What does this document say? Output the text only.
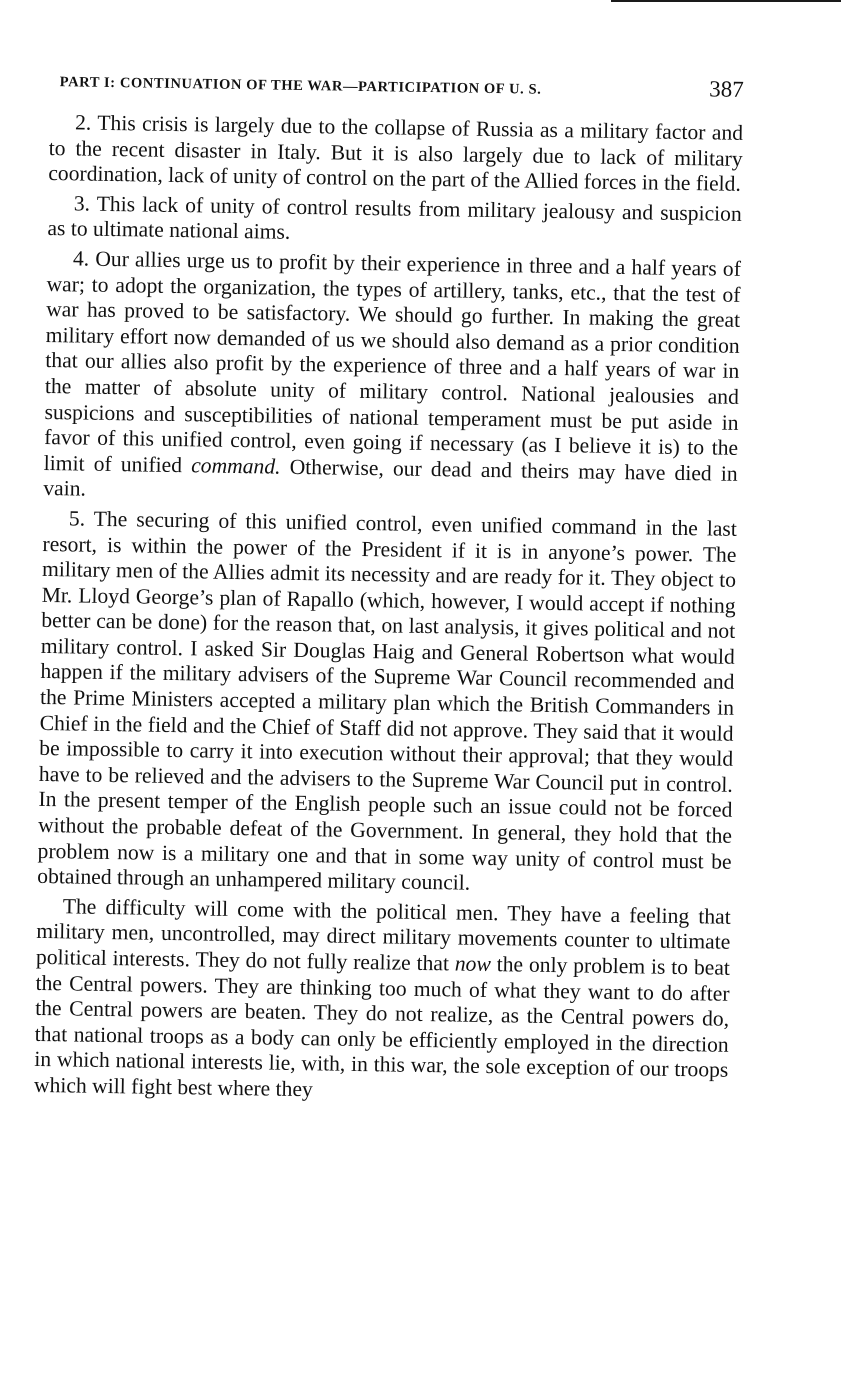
PART I: CONTINUATION OF THE WAR—PARTICIPATION OF U. S.	387

2. This crisis is largely due to the collapse of Russia as a military factor and to the recent disaster in Italy. But it is also largely due to lack of military coordination, lack of unity of control on the part of the Allied forces in the field.

3. This lack of unity of control results from military jealousy and suspicion as to ultimate national aims.

4. Our allies urge us to profit by their experience in three and a half years of war; to adopt the organization, the types of artillery, tanks, etc., that the test of war has proved to be satisfactory. We should go further. In making the great military effort now demanded of us we should also demand as a prior condition that our allies also profit by the experience of three and a half years of war in the matter of absolute unity of military control. National jealousies and suspicions and susceptibilities of national temperament must be put aside in favor of this unified control, even going if necessary (as I believe it is) to the limit of unified command. Otherwise, our dead and theirs may have died in vain.

5. The securing of this unified control, even unified command in the last resort, is within the power of the President if it is in anyone’s power. The military men of the Allies admit its necessity and are ready for it. They object to Mr. Lloyd George’s plan of Rapallo (which, however, I would accept if nothing better can be done) for the reason that, on last analysis, it gives political and not military control. I asked Sir Douglas Haig and General Robertson what would happen if the military advisers of the Supreme War Council recommended and the Prime Ministers accepted a military plan which the British Commanders in Chief in the field and the Chief of Staff did not approve. They said that it would be impossible to carry it into execution without their approval; that they would have to be relieved and the advisers to the Supreme War Council put in control. In the present temper of the English people such an issue could not be forced without the probable defeat of the Government. In general, they hold that the problem now is a military one and that in some way unity of control must be obtained through an unhampered military council.

The difficulty will come with the political men. They have a feeling that military men, uncontrolled, may direct military movements counter to ultimate political interests. They do not fully realize that now the only problem is to beat the Central powers. They are thinking too much of what they want to do after the Central powers are beaten. They do not realize, as the Central powers do, that national troops as a body can only be efficiently employed in the direction in which national interests lie, with, in this war, the sole exception of our troops which will fight best where they
